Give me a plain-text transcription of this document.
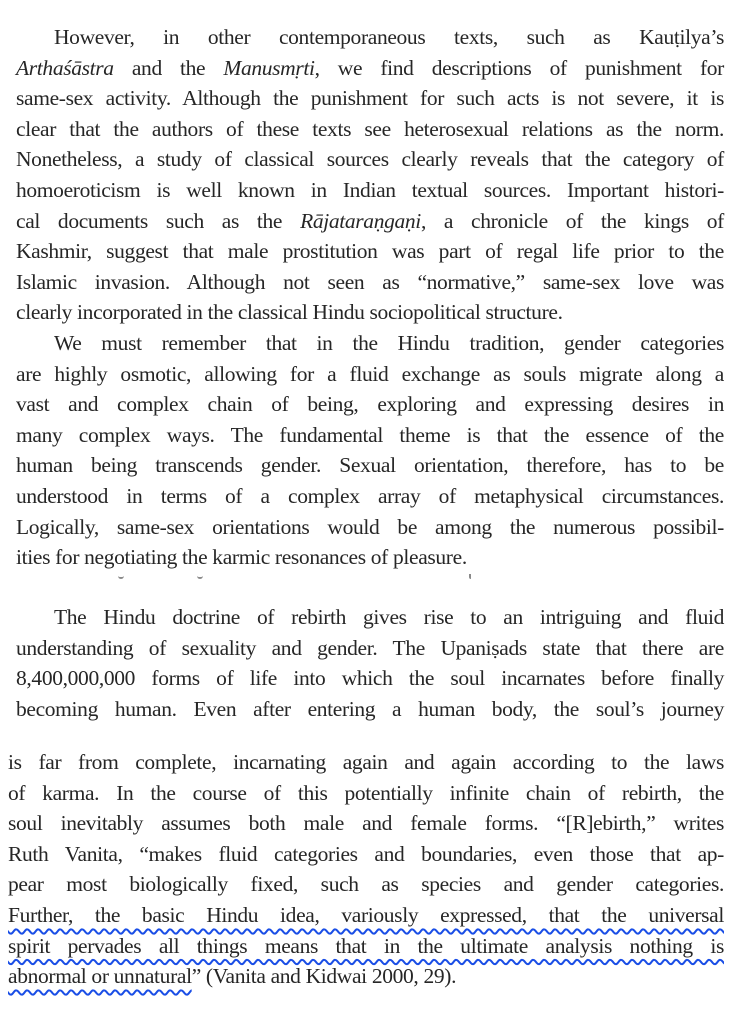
However, in other contemporaneous texts, such as Kauṭilya’s
Arthaśāstra and the Manusmṛti, we find descriptions of punishment for
same-sex activity. Although the punishment for such acts is not severe, it is
clear that the authors of these texts see heterosexual relations as the norm.
Nonetheless, a study of classical sources clearly reveals that the category of
homoeroticism is well known in Indian textual sources. Important histori-
cal documents such as the Rājataraṇgaṇi, a chronicle of the kings of
Kashmir, suggest that male prostitution was part of regal life prior to the
Islamic invasion. Although not seen as “normative,” same-sex love was
clearly incorporated in the classical Hindu sociopolitical structure.

We must remember that in the Hindu tradition, gender categories
are highly osmotic, allowing for a fluid exchange as souls migrate along a
vast and complex chain of being, exploring and expressing desires in
many complex ways. The fundamental theme is that the essence of the
human being transcends gender. Sexual orientation, therefore, has to be
understood in terms of a complex array of metaphysical circumstances.
Logically, same-sex orientations would be among the numerous possibil-
ities for negotiating the karmic resonances of pleasure.

The Hindu doctrine of rebirth gives rise to an intriguing and fluid
understanding of sexuality and gender. The Upaniṣads state that there are
8,400,000,000 forms of life into which the soul incarnates before finally
becoming human. Even after entering a human body, the soul’s journey

is far from complete, incarnating again and again according to the laws
of karma. In the course of this potentially infinite chain of rebirth, the
soul inevitably assumes both male and female forms. “[R]ebirth,” writes
Ruth Vanita, “makes fluid categories and boundaries, even those that ap-
pear most biologically fixed, such as species and gender categories.
Further, the basic Hindu idea, variously expressed, that the universal
spirit pervades all things means that in the ultimate analysis nothing is
abnormal or unnatural” (Vanita and Kidwai 2000, 29).
